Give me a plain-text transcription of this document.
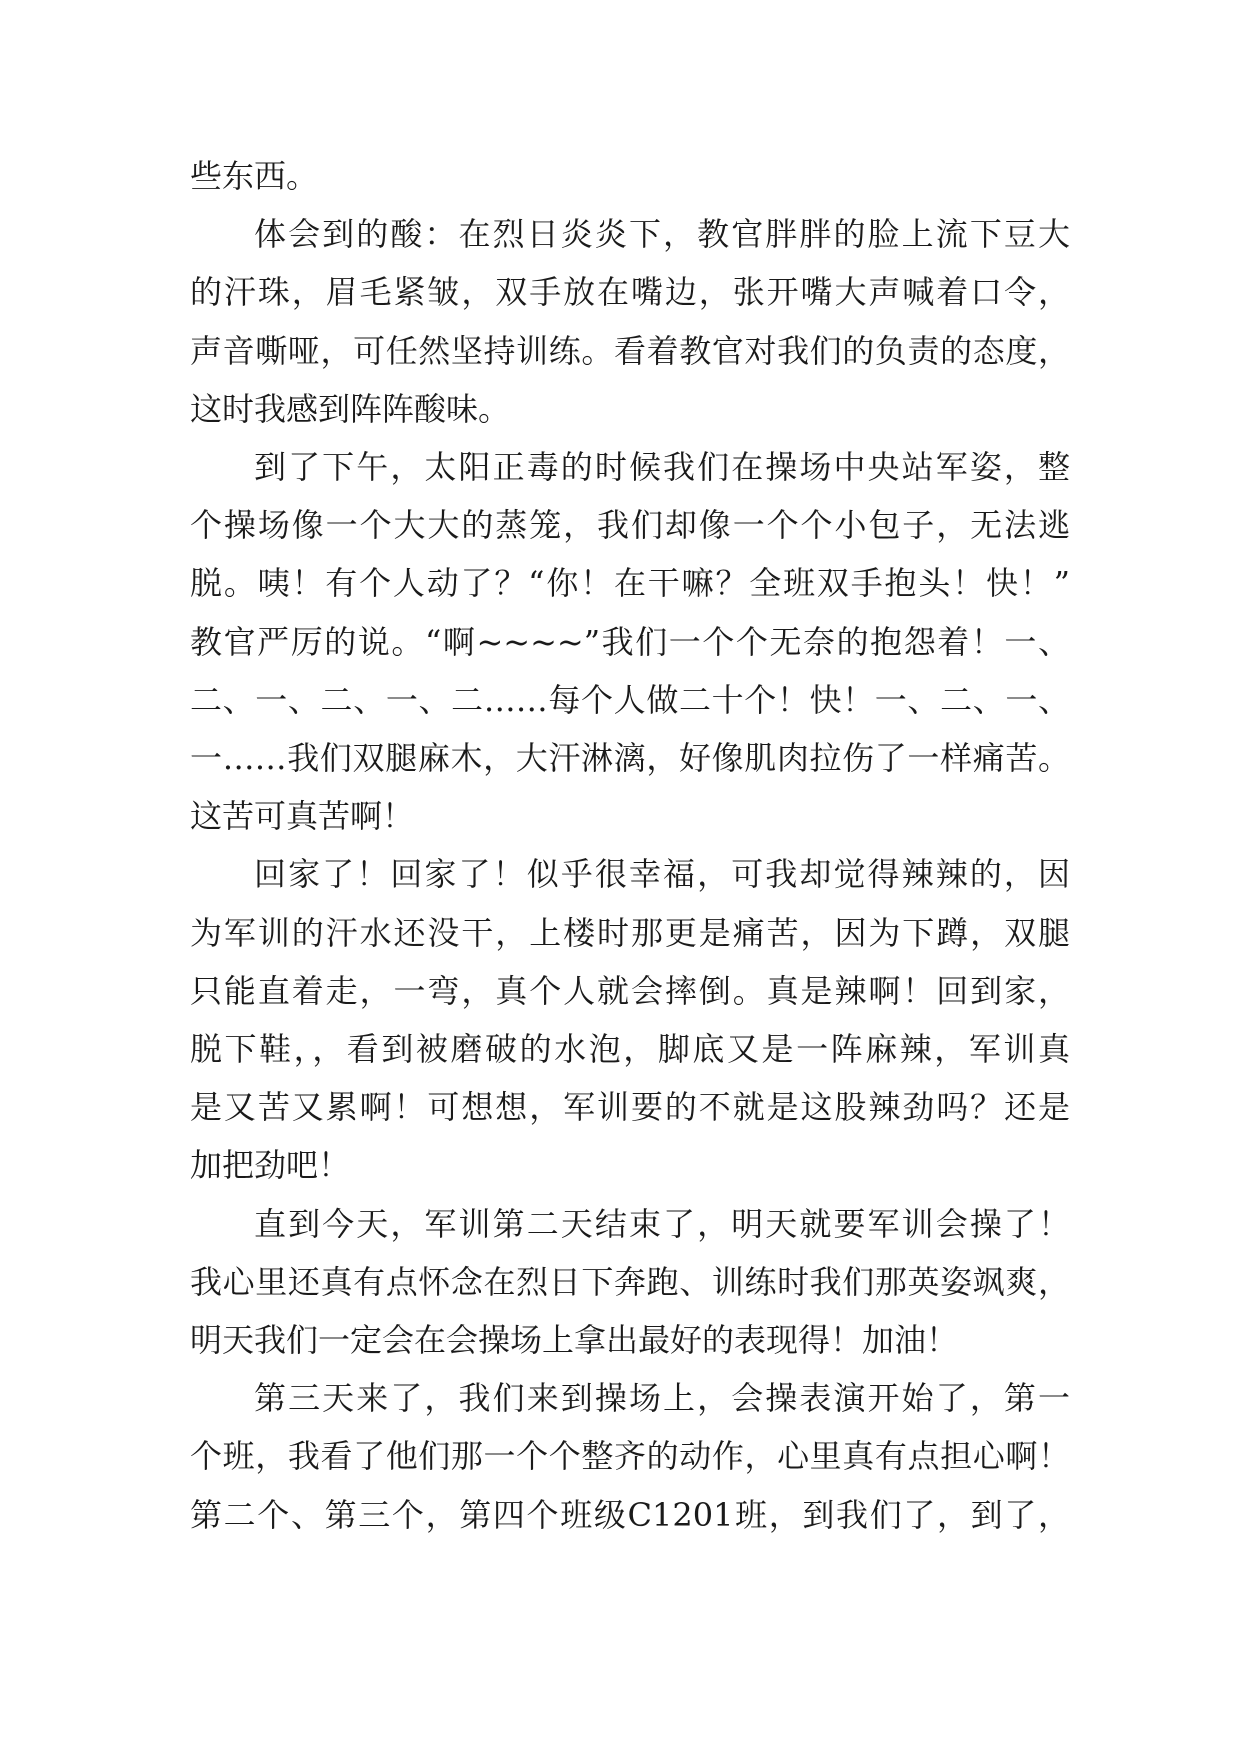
些东西。

体会到的酸：在烈日炎炎下，教官胖胖的脸上流下豆大
的汗珠，眉毛紧皱，双手放在嘴边，张开嘴大声喊着口令，
声音嘶哑，可任然坚持训练。看着教官对我们的负责的态度，
这时我感到阵阵酸味。

到了下午，太阳正毒的时候我们在操场中央站军姿，整
个操场像一个大大的蒸笼，我们却像一个个小包子，无法逃
脱。咦！有个人动了？“你！在干嘛？全班双手抱头！快！”
教官严厉的说。“啊~~~~”我们一个个无奈的抱怨着！一、
二、一、二、一、二……每个人做二十个！快！一、二、一、
一……我们双腿麻木，大汗淋漓，好像肌肉拉伤了一样痛苦。
这苦可真苦啊！

回家了！回家了！似乎很幸福，可我却觉得辣辣的，因
为军训的汗水还没干，上楼时那更是痛苦，因为下蹲，双腿
只能直着走，一弯，真个人就会摔倒。真是辣啊！回到家，
脱下鞋，，看到被磨破的水泡，脚底又是一阵麻辣，军训真
是又苦又累啊！可想想，军训要的不就是这股辣劲吗？还是
加把劲吧！

直到今天，军训第二天结束了，明天就要军训会操了！
我心里还真有点怀念在烈日下奔跑、训练时我们那英姿飒爽，
明天我们一定会在会操场上拿出最好的表现得！加油！

第三天来了，我们来到操场上，会操表演开始了，第一
个班，我看了他们那一个个整齐的动作，心里真有点担心啊！
第二个、第三个，第四个班级C1201班，到我们了，到了，
